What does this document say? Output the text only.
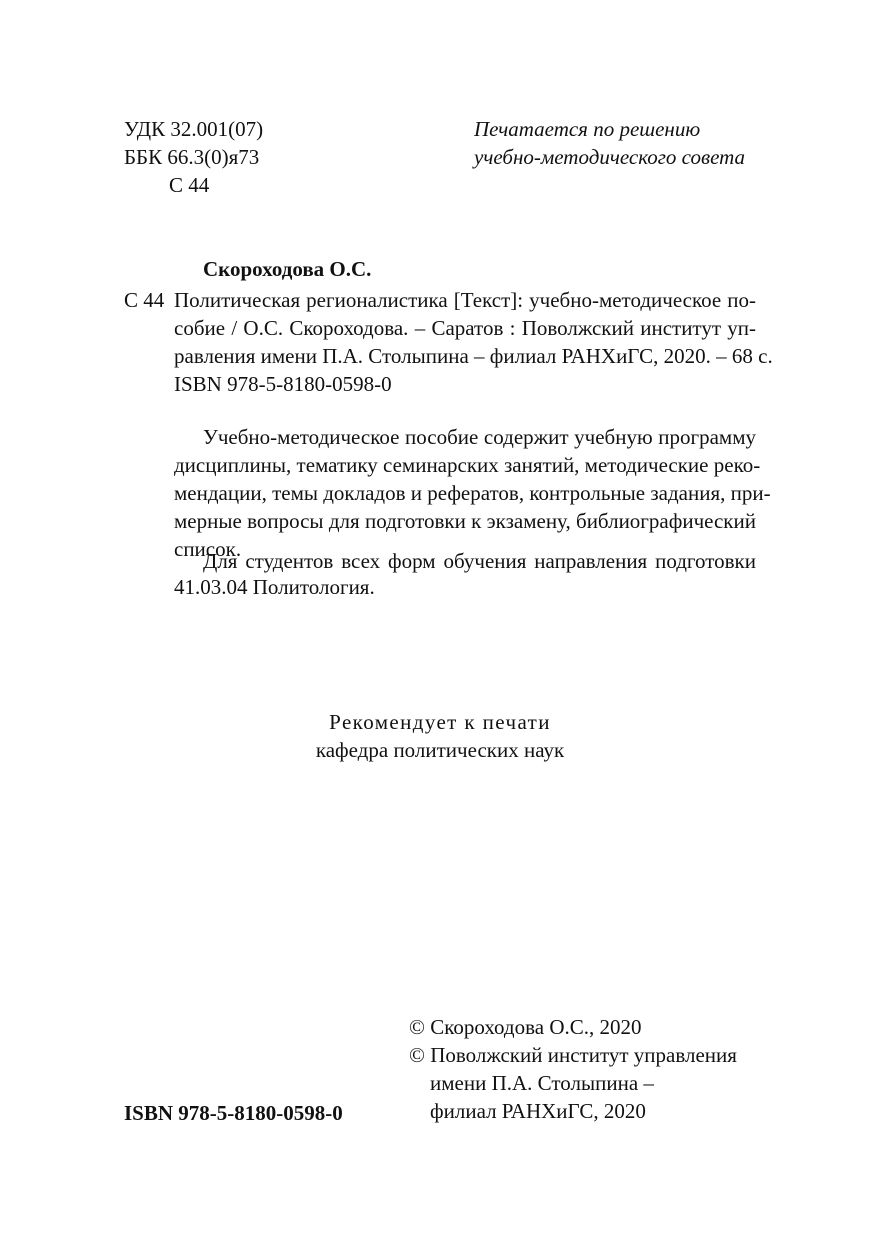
УДК 32.001(07)
ББК 66.3(0)я73
С 44
Печатается по решению
учебно-методического совета
Скороходова О.С.
С 44 Политическая регионалистика [Текст]: учебно-методическое по-
собие / О.С. Скороходова. – Саратов : Поволжский институт уп-
равления имени П.А. Столыпина – филиал РАНХиГС, 2020. – 68 с.
ISBN 978-5-8180-0598-0
Учебно-методическое пособие содержит учебную программу
дисциплины, тематику семинарских занятий, методические реко-
мендации, темы докладов и рефератов, контрольные задания, при-
мерные вопросы для подготовки к экзамену, библиографический
список.
Для студентов всех форм обучения направления подготовки
41.03.04 Политология.
Рекомендует к печати
кафедра политических наук
© Скороходова О.С., 2020
© Поволжский институт управления
имени П.А. Столыпина –
филиал РАНХиГС, 2020
ISBN 978-5-8180-0598-0
